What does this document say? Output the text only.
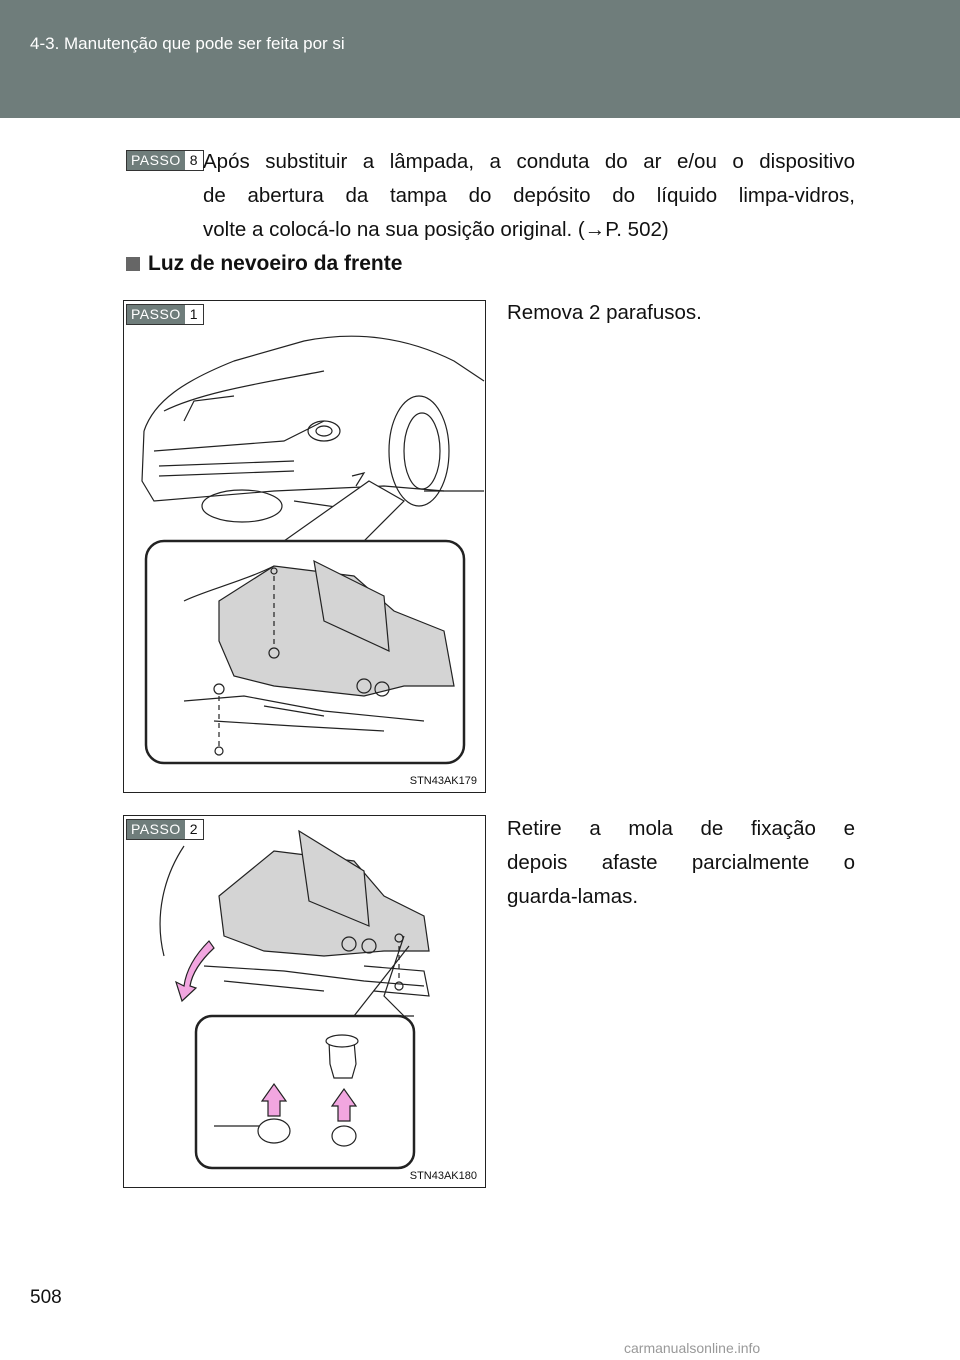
4-3. Manutenção que pode ser feita por si
PASSO 8 Após substituir a lâmpada, a conduta do ar e/ou o dispositivo
de abertura da tampa do depósito do líquido limpa-vidros,
volte a colocá-lo na sua posição original. (→P. 502)
Luz de nevoeiro da frente
PASSO 1
STN43AK179
Remova 2 parafusos.
PASSO 2
STN43AK180
Retire a mola de fixação e
depois afaste parcialmente o
guarda-lamas.
508
carmanualsonline.info
